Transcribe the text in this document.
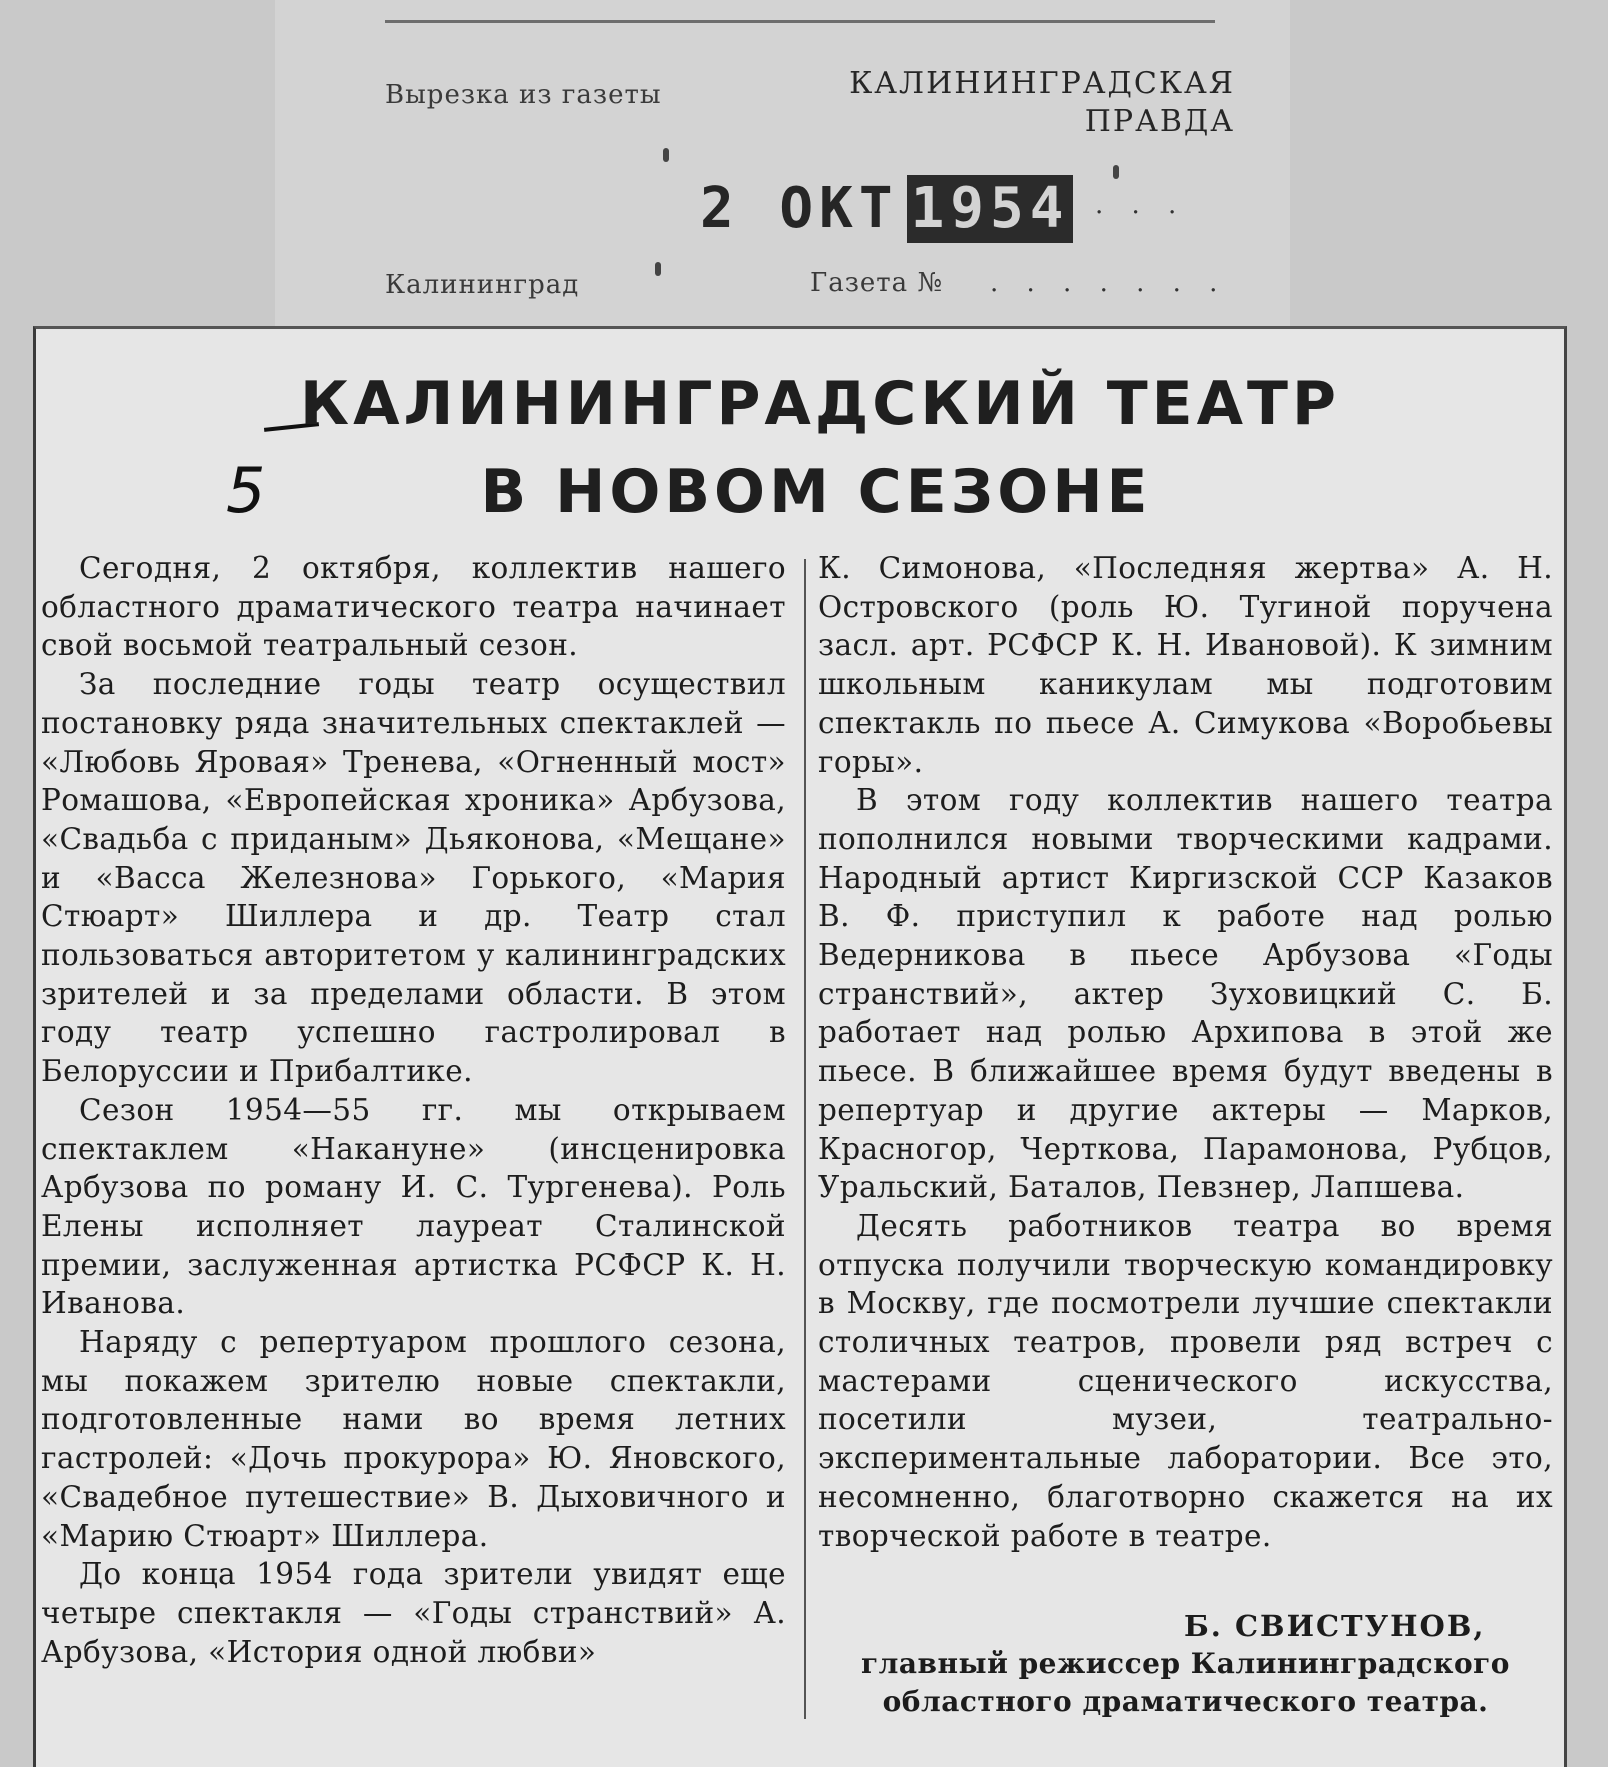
Вырезка из газеты	КАЛИНИНГРАДСКАЯ
ПРАВДА
2 ОКТ 1954 . . .
Калининград	Газета № . . . . . . .
КАЛИНИНГРАДСКИЙ ТЕАТР
5	В НОВОМ СЕЗОНЕ

Сегодня, 2 октября, коллектив нашего областного драматического театра начинает свой восьмой театральный сезон.

За последние годы театр осуществил постановку ряда значительных спектаклей — «Любовь Яровая» Тренева, «Огненный мост» Ромашова, «Европейская хроника» Арбузова, «Свадьба с приданым» Дьяконова, «Мещане» и «Васса Железнова» Горького, «Мария Стюарт» Шиллера и др. Театр стал пользоваться авторитетом у калининградских зрителей и за пределами области. В этом году театр успешно гастролировал в Белоруссии и Прибалтике.

Сезон 1954—55 гг. мы открываем спектаклем «Накануне» (инсценировка Арбузова по роману И. С. Тургенева). Роль Елены исполняет лауреат Сталинской премии, заслуженная артистка РСФСР К. Н. Иванова.

Наряду с репертуаром прошлого сезона, мы покажем зрителю новые спектакли, подготовленные нами во время летних гастролей: «Дочь прокурора» Ю. Яновского, «Свадебное путешествие» В. Дыховичного и «Марию Стюарт» Шиллера.

До конца 1954 года зрители увидят еще четыре спектакля — «Годы странствий» А. Арбузова, «История одной любви»

К. Симонова, «Последняя жертва» А. Н. Островского (роль Ю. Тугиной поручена засл. арт. РСФСР К. Н. Ивановой). К зимним школьным каникулам мы подготовим спектакль по пьесе А. Симукова «Воробьевы горы».

В этом году коллектив нашего театра пополнился новыми творческими кадрами. Народный артист Киргизской ССР Казаков В. Ф. приступил к работе над ролью Ведерникова в пьесе Арбузова «Годы странствий», актер Зуховицкий С. Б. работает над ролью Архипова в этой же пьесе. В ближайшее время будут введены в репертуар и другие актеры — Марков, Красногор, Черткова, Парамонова, Рубцов, Уральский, Баталов, Певзнер, Лапшева.

Десять работников театра во время отпуска получили творческую командировку в Москву, где посмотрели лучшие спектакли столичных театров, провели ряд встреч с мастерами сценического искусства, посетили музеи, театрально-экспериментальные лаборатории. Все это, несомненно, благотворно скажется на их творческой работе в театре.

Б. СВИСТУНОВ,
главный режиссер Калининградского
областного драматического театра.
